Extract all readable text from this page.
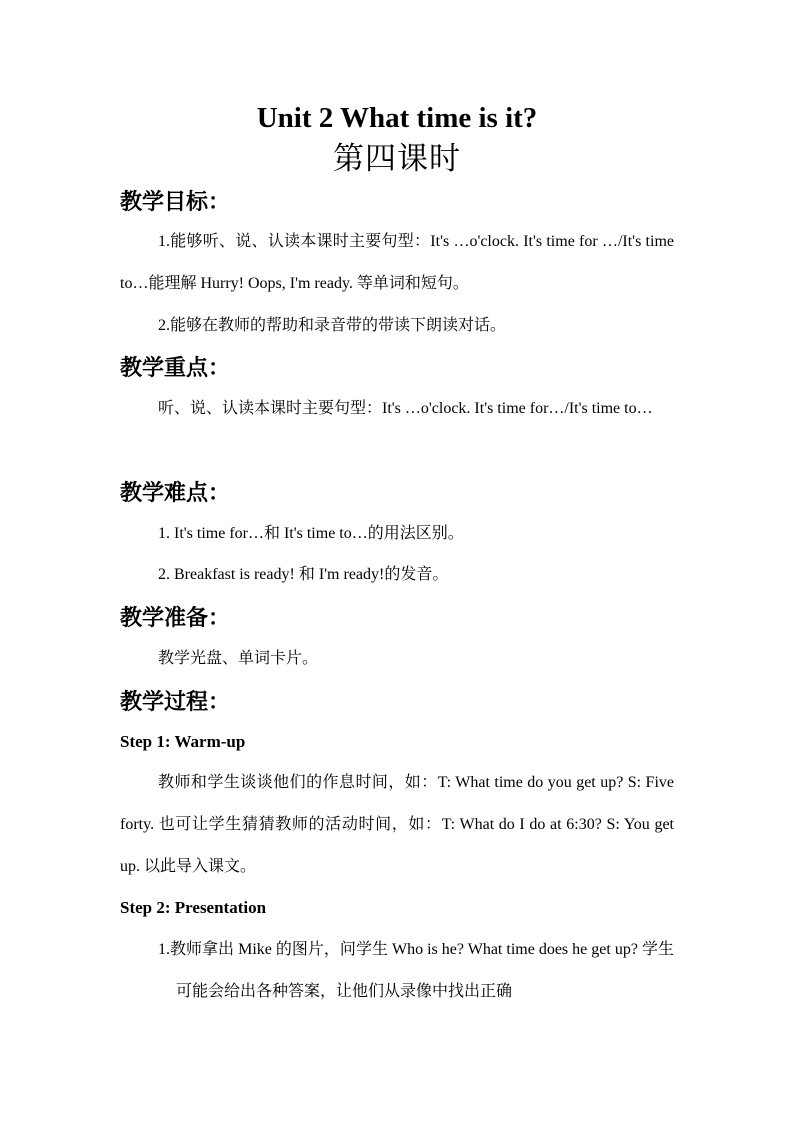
Unit 2 What time is it?
第四课时
教学目标：
1.能够听、说、认读本课时主要句型：It's …o'clock. It's time for …/It's time to…能理解 Hurry! Oops, I'm ready. 等单词和短句。
2.能够在教师的帮助和录音带的带读下朗读对话。
教学重点：
听、说、认读本课时主要句型：It's …o'clock. It's time for…/It's time to…
教学难点：
1. It's time for…和 It's time to…的用法区别。
2. Breakfast is ready! 和 I'm ready!的发音。
教学准备：
教学光盘、单词卡片。
教学过程：
Step 1: Warm-up
教师和学生谈谈他们的作息时间，如：T: What time do you get up? S: Five forty. 也可让学生猜猜教师的活动时间，如：T: What do I do at 6:30? S: You get up. 以此导入课文。
Step 2: Presentation
1.教师拿出 Mike 的图片，问学生 Who is he? What time does he get up? 学生可能会给出各种答案，让他们从录像中找出正确
